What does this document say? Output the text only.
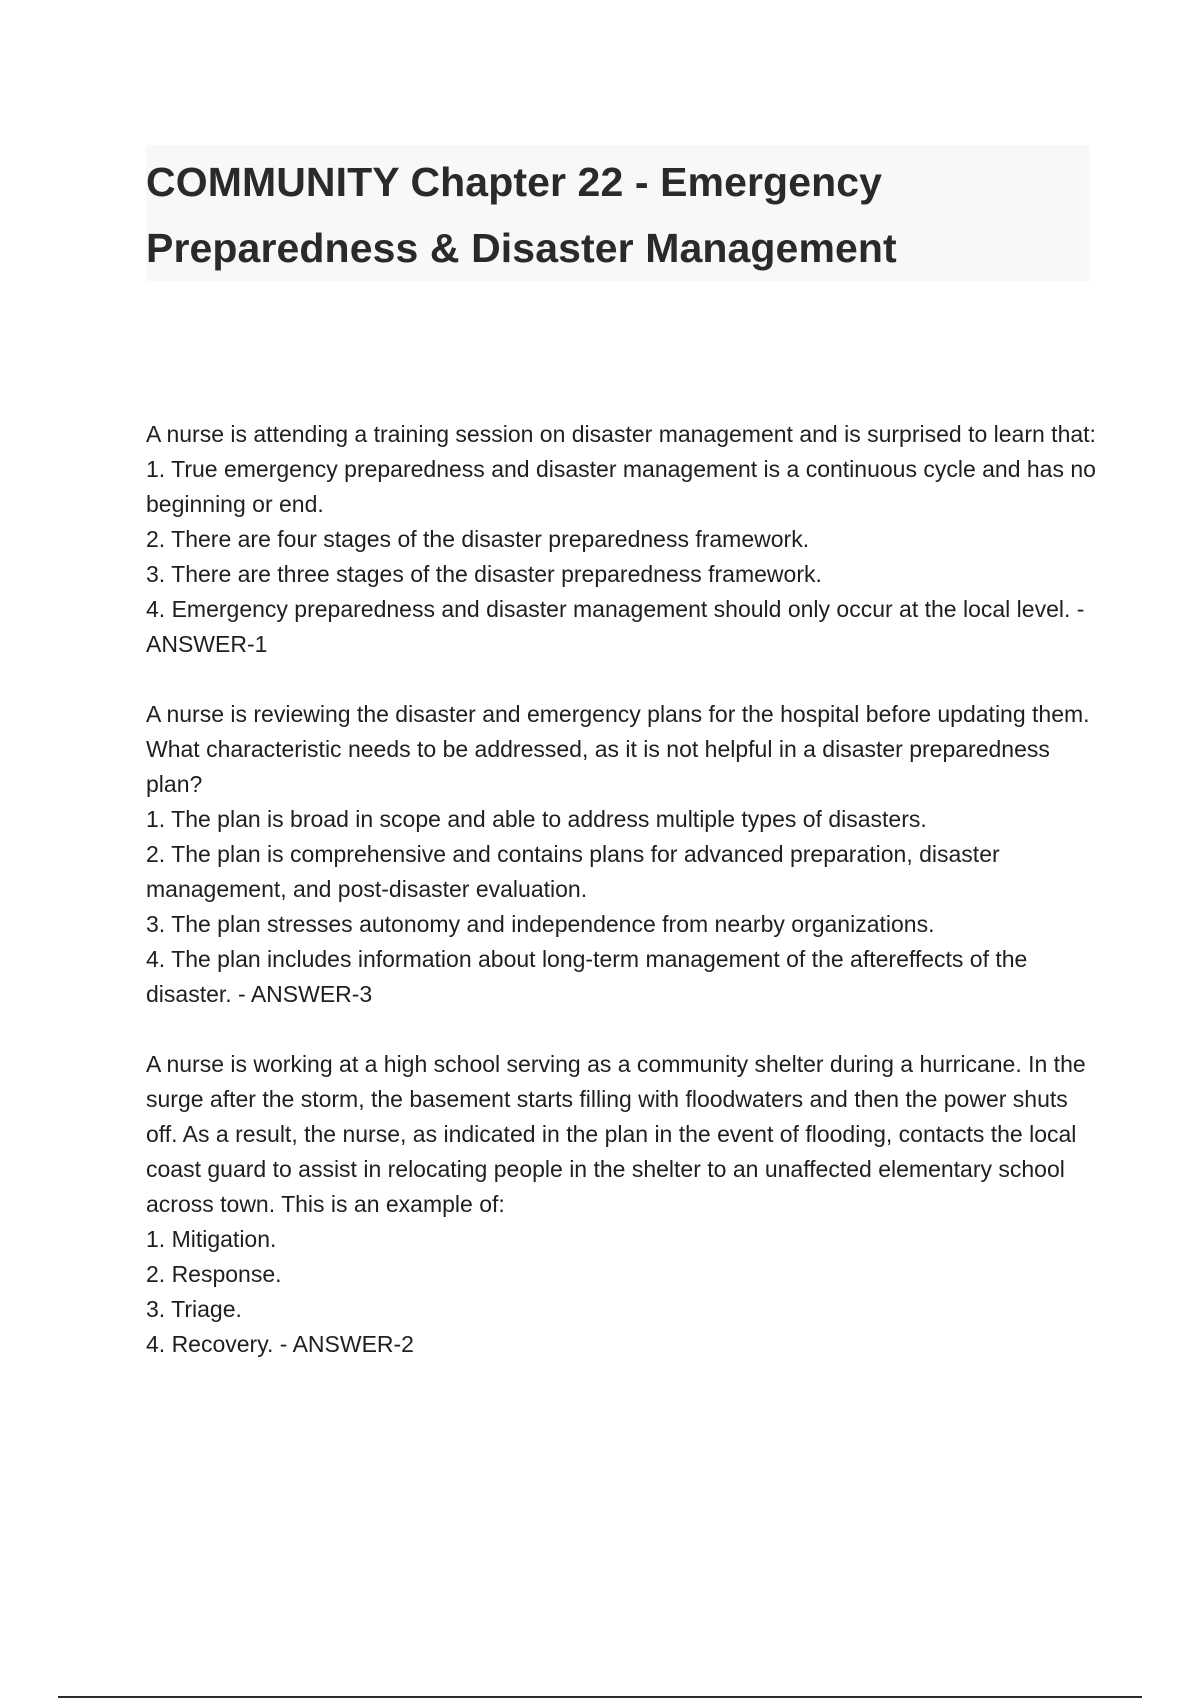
COMMUNITY Chapter 22 - Emergency Preparedness & Disaster Management

A nurse is attending a training session on disaster management and is surprised to learn that:

1. True emergency preparedness and disaster management is a continuous cycle and has no beginning or end.

2. There are four stages of the disaster preparedness framework.

3. There are three stages of the disaster preparedness framework.

4. Emergency preparedness and disaster management should only occur at the local level. - ANSWER-1

A nurse is reviewing the disaster and emergency plans for the hospital before updating them. What characteristic needs to be addressed, as it is not helpful in a disaster preparedness plan?

1. The plan is broad in scope and able to address multiple types of disasters.

2. The plan is comprehensive and contains plans for advanced preparation, disaster management, and post-disaster evaluation.

3. The plan stresses autonomy and independence from nearby organizations.

4. The plan includes information about long-term management of the aftereffects of the disaster. - ANSWER-3

A nurse is working at a high school serving as a community shelter during a hurricane. In the surge after the storm, the basement starts filling with floodwaters and then the power shuts off. As a result, the nurse, as indicated in the plan in the event of flooding, contacts the local coast guard to assist in relocating people in the shelter to an unaffected elementary school across town. This is an example of:

1. Mitigation.

2. Response.

3. Triage.

4. Recovery. - ANSWER-2
